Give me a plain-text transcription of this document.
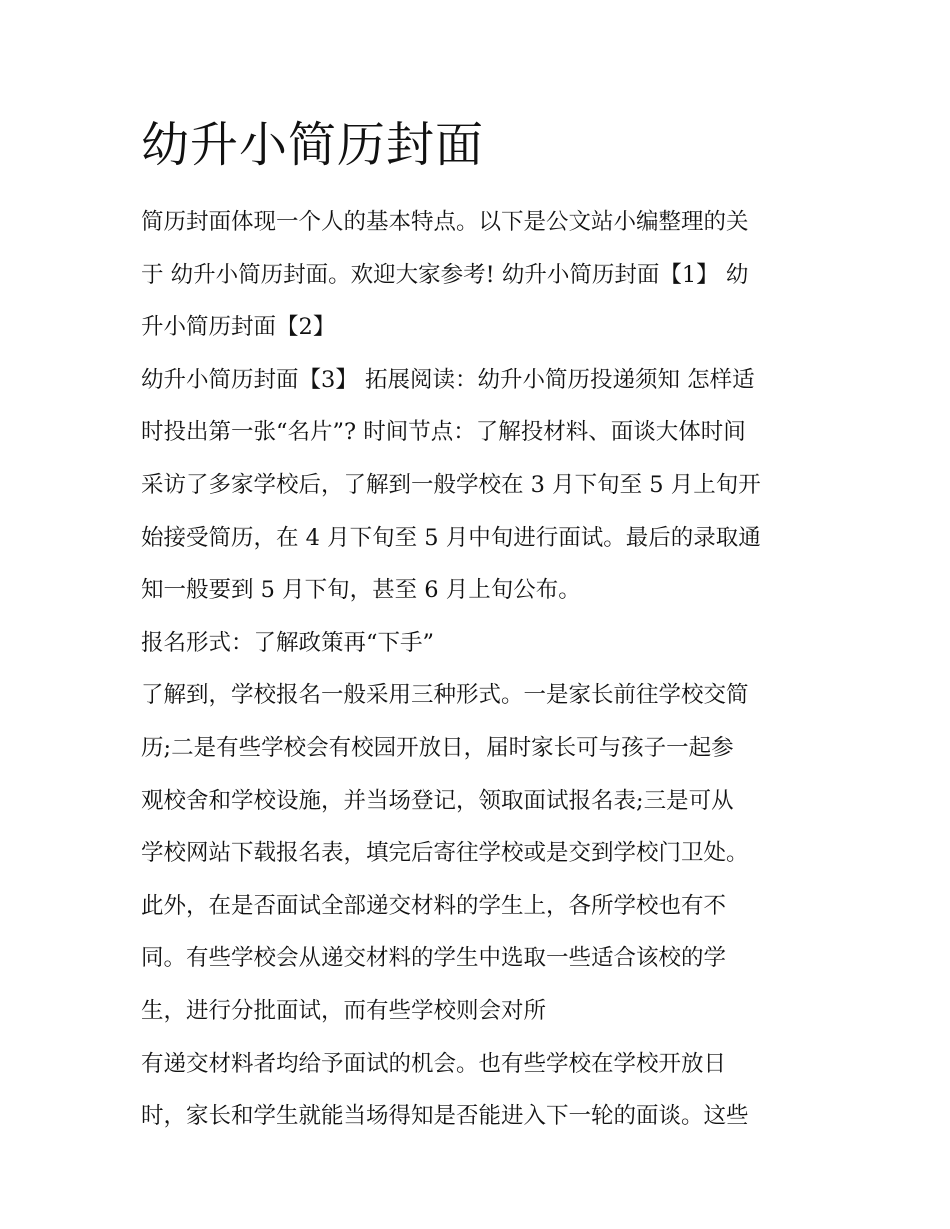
幼升小简历封面
简历封面体现一个人的基本特点。以下是公文站小编整理的关
于 幼升小简历封面。欢迎大家参考! 幼升小简历封面【1】 幼
升小简历封面【2】
幼升小简历封面【3】 拓展阅读：幼升小简历投递须知 怎样适
时投出第一张“名片”? 时间节点：了解投材料、面谈大体时间
采访了多家学校后，了解到一般学校在 3 月下旬至 5 月上旬开
始接受简历，在 4 月下旬至 5 月中旬进行面试。最后的录取通
知一般要到 5 月下旬，甚至 6 月上旬公布。
报名形式：了解政策再“下手”
了解到，学校报名一般采用三种形式。一是家长前往学校交简
历;二是有些学校会有校园开放日，届时家长可与孩子一起参
观校舍和学校设施，并当场登记，领取面试报名表;三是可从
学校网站下载报名表，填完后寄往学校或是交到学校门卫处。
此外，在是否面试全部递交材料的学生上，各所学校也有不
同。有些学校会从递交材料的学生中选取一些适合该校的学
生，进行分批面试，而有些学校则会对所
有递交材料者均给予面试的机会。也有些学校在学校开放日
时，家长和学生就能当场得知是否能进入下一轮的面谈。这些
